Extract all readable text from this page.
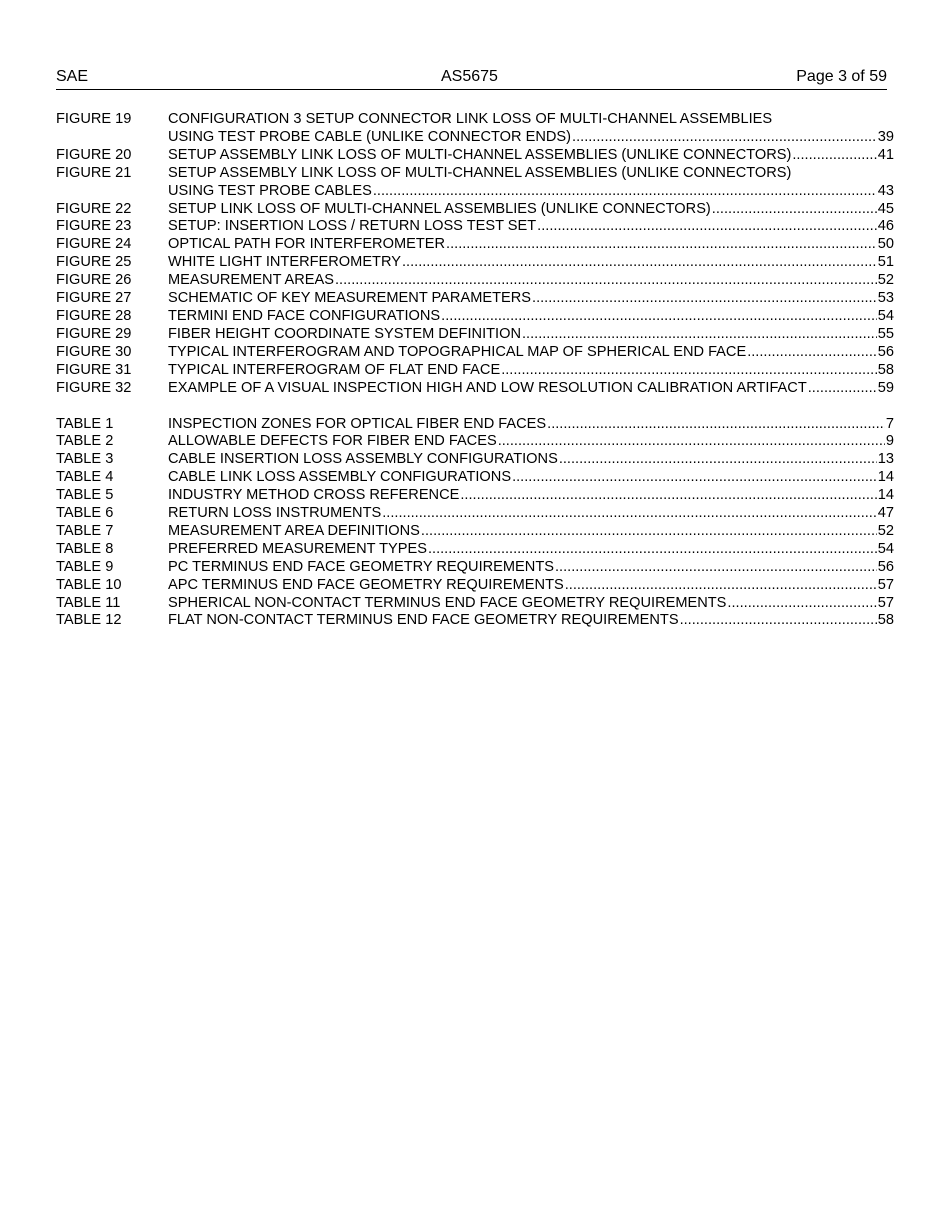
SAE	AS5675	Page 3 of 59
FIGURE 19	CONFIGURATION 3 SETUP CONNECTOR LINK LOSS OF MULTI-CHANNEL ASSEMBLIES
USING TEST PROBE CABLE (UNLIKE CONNECTOR ENDS) .....	39
FIGURE 20	SETUP ASSEMBLY LINK LOSS OF MULTI-CHANNEL ASSEMBLIES (UNLIKE CONNECTORS) .....	41
FIGURE 21	SETUP ASSEMBLY LINK LOSS OF MULTI-CHANNEL ASSEMBLIES (UNLIKE CONNECTORS)
USING TEST PROBE CABLES .....	43
FIGURE 22	SETUP LINK LOSS OF MULTI-CHANNEL ASSEMBLIES (UNLIKE CONNECTORS) .....	45
FIGURE 23	SETUP: INSERTION LOSS / RETURN LOSS TEST SET .....	46
FIGURE 24	OPTICAL PATH FOR INTERFEROMETER .....	50
FIGURE 25	WHITE LIGHT INTERFEROMETRY .....	51
FIGURE 26	MEASUREMENT AREAS .....	52
FIGURE 27	SCHEMATIC OF KEY MEASUREMENT PARAMETERS .....	53
FIGURE 28	TERMINI END FACE CONFIGURATIONS .....	54
FIGURE 29	FIBER HEIGHT COORDINATE SYSTEM DEFINITION .....	55
FIGURE 30	TYPICAL INTERFEROGRAM AND TOPOGRAPHICAL MAP OF SPHERICAL END FACE .....	56
FIGURE 31	TYPICAL INTERFEROGRAM OF FLAT END FACE .....	58
FIGURE 32	EXAMPLE OF A VISUAL INSPECTION HIGH AND LOW RESOLUTION CALIBRATION ARTIFACT .....	59
TABLE 1	INSPECTION ZONES FOR OPTICAL FIBER END FACES .....	7
TABLE 2	ALLOWABLE DEFECTS FOR FIBER END FACES .....	9
TABLE 3	CABLE INSERTION LOSS ASSEMBLY CONFIGURATIONS .....	13
TABLE 4	CABLE LINK LOSS ASSEMBLY CONFIGURATIONS .....	14
TABLE 5	INDUSTRY METHOD CROSS REFERENCE .....	14
TABLE 6	RETURN LOSS INSTRUMENTS .....	47
TABLE 7	MEASUREMENT AREA DEFINITIONS .....	52
TABLE 8	PREFERRED MEASUREMENT TYPES .....	54
TABLE 9	PC TERMINUS END FACE GEOMETRY REQUIREMENTS .....	56
TABLE 10	APC TERMINUS END FACE GEOMETRY REQUIREMENTS .....	57
TABLE 11	SPHERICAL NON-CONTACT TERMINUS END FACE GEOMETRY REQUIREMENTS .....	57
TABLE 12	FLAT NON-CONTACT TERMINUS END FACE GEOMETRY REQUIREMENTS .....	58
